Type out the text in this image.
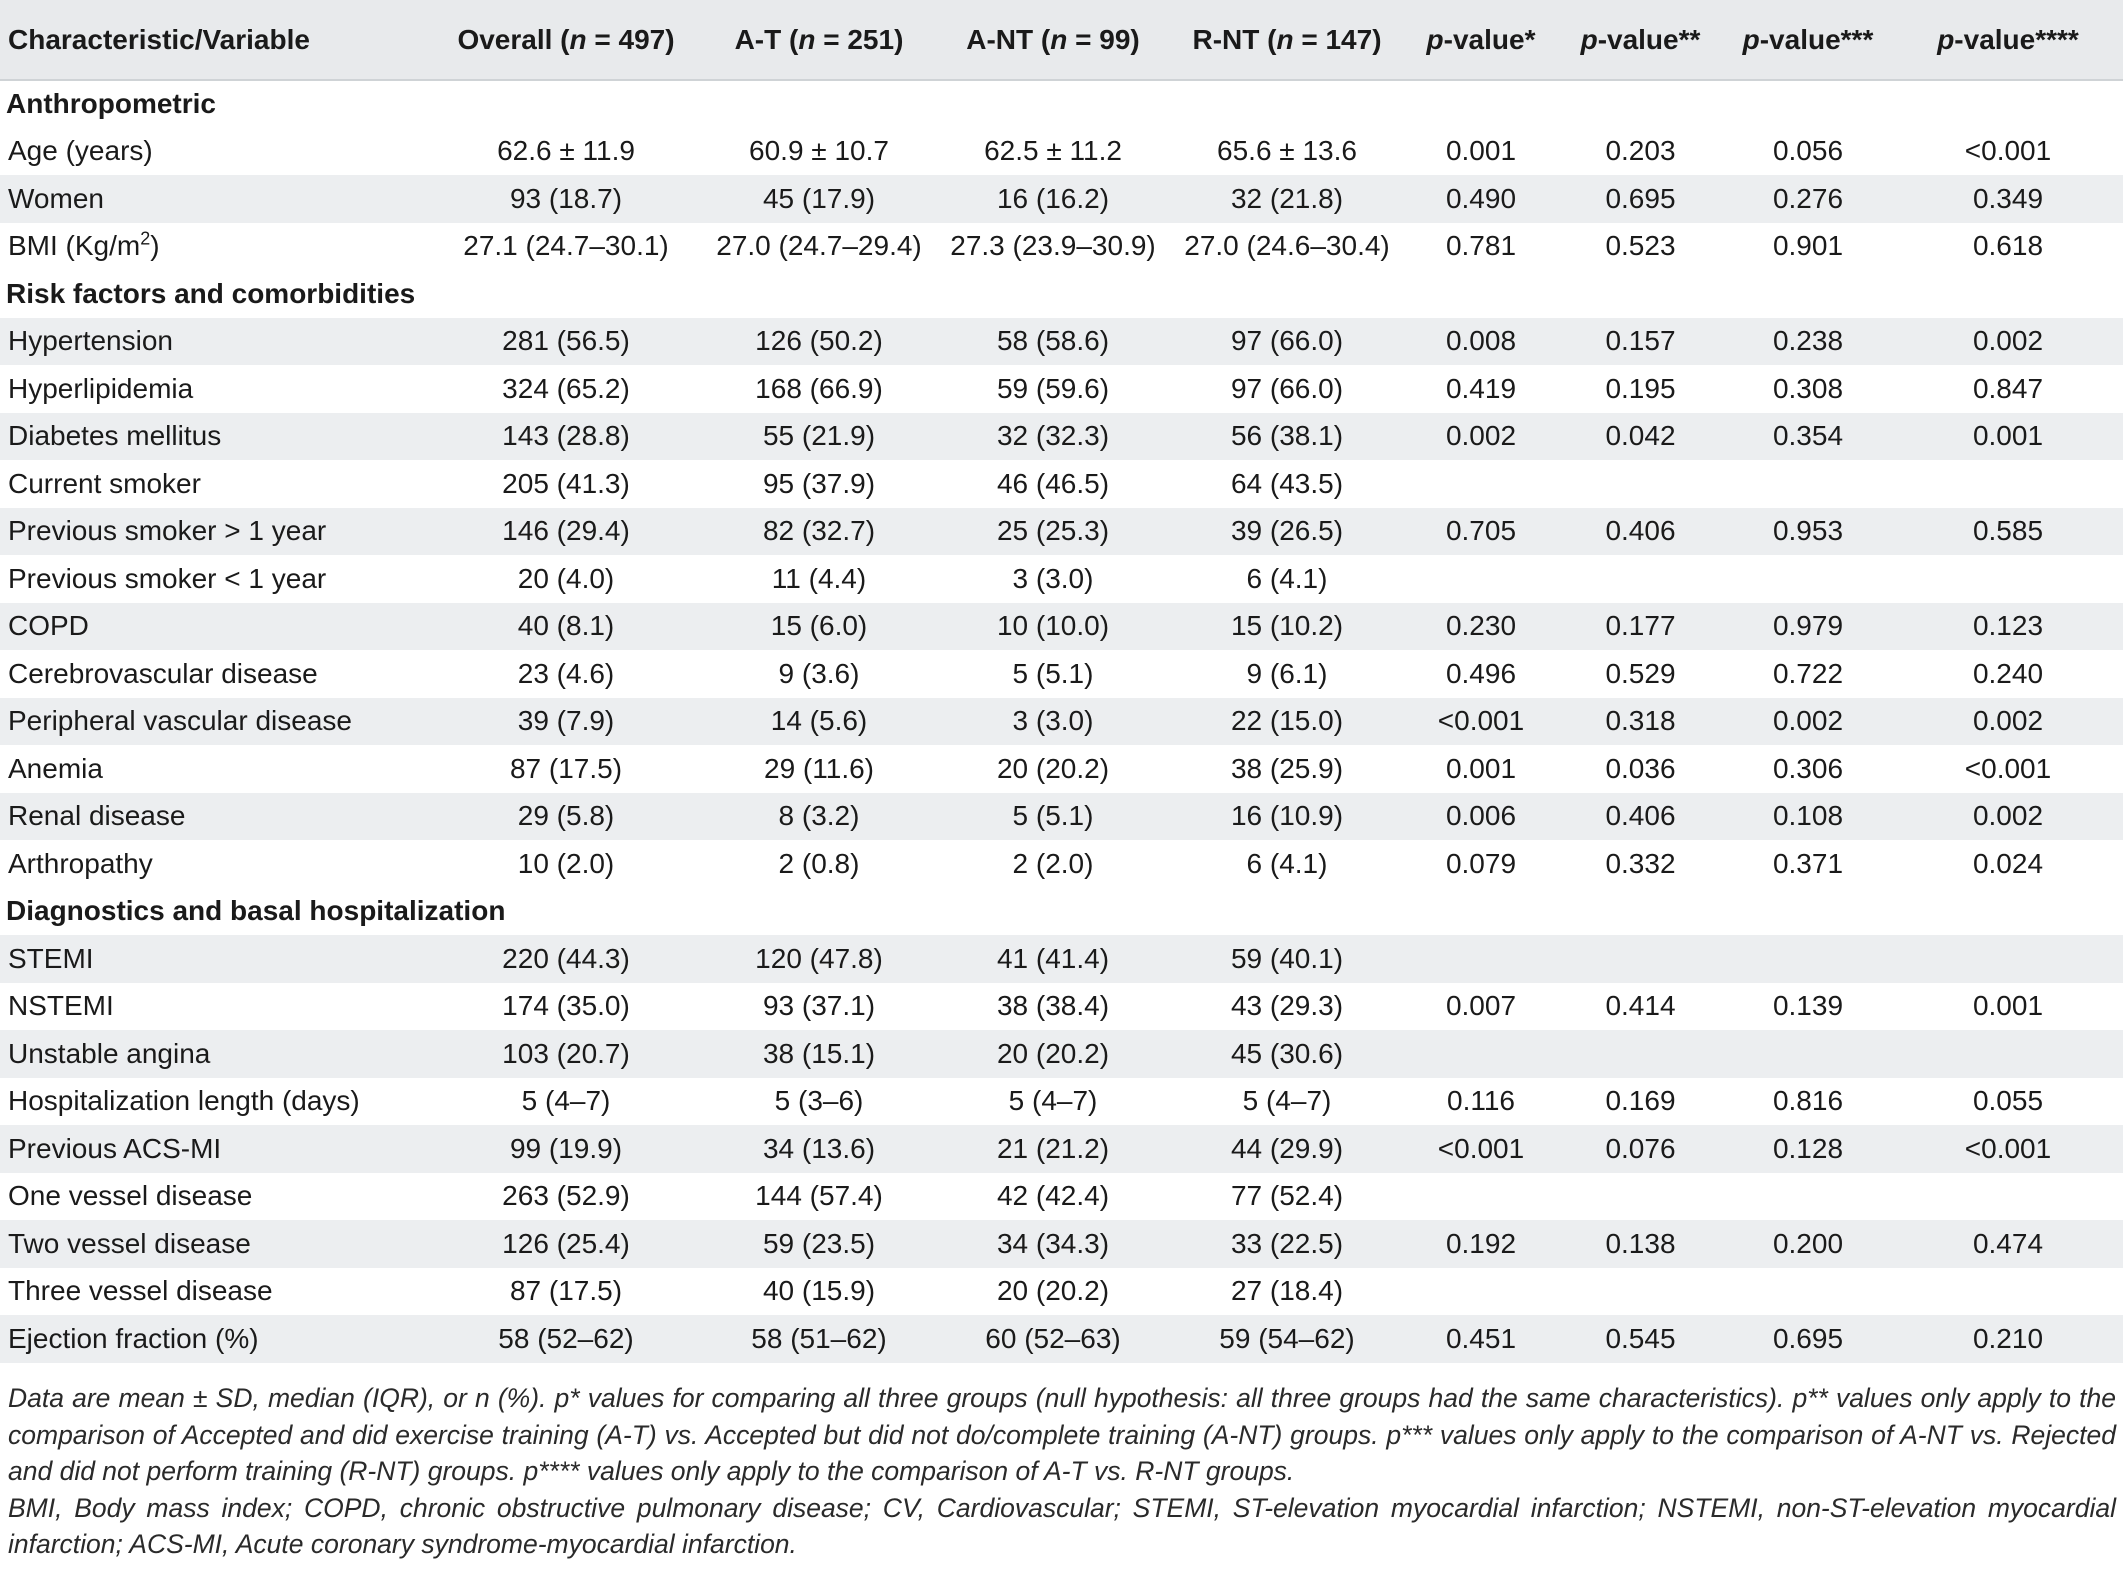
Characteristic/Variable	Overall (n = 497)	A-T (n = 251)	A-NT (n = 99)	R-NT (n = 147)	p-value*	p-value**	p-value***	p-value****
Anthropometric								
Age (years)	62.6 ± 11.9	60.9 ± 10.7	62.5 ± 11.2	65.6 ± 13.6	0.001	0.203	0.056	<0.001
Women	93 (18.7)	45 (17.9)	16 (16.2)	32 (21.8)	0.490	0.695	0.276	0.349
BMI $(Kg/m^2)$	27.1 (24.7–30.1)	27.0 (24.7–29.4)	27.3 (23.9–30.9)	27.0 (24.6–30.4)	0.781	0.523	0.901	0.618
Risk factors and comorbidities								
Hypertension	281 (56.5)	126 (50.2)	58 (58.6)	97 (66.0)	0.008	0.157	0.238	0.002
Hyperlipidemia	324 (65.2)	168 (66.9)	59 (59.6)	97 (66.0)	0.419	0.195	0.308	0.847
Diabetes mellitus	143 (28.8)	55 (21.9)	32 (32.3)	56 (38.1)	0.002	0.042	0.354	0.001
Current smoker	205 (41.3)	95 (37.9)	46 (46.5)	64 (43.5)				
Previous smoker > 1 year	146 (29.4)	82 (32.7)	25 (25.3)	39 (26.5)	0.705	0.406	0.953	0.585
Previous smoker < 1 year	20 (4.0)	11 (4.4)	3 (3.0)	6 (4.1)				
COPD	40 (8.1)	15 (6.0)	10 (10.0)	15 (10.2)	0.230	0.177	0.979	0.123
Cerebrovascular disease	23 (4.6)	9 (3.6)	5 (5.1)	9 (6.1)	0.496	0.529	0.722	0.240
Peripheral vascular disease	39 (7.9)	14 (5.6)	3 (3.0)	22 (15.0)	<0.001	0.318	0.002	0.002
Anemia	87 (17.5)	29 (11.6)	20 (20.2)	38 (25.9)	0.001	0.036	0.306	<0.001
Renal disease	29 (5.8)	8 (3.2)	5 (5.1)	16 (10.9)	0.006	0.406	0.108	0.002
Arthropathy	10 (2.0)	2 (0.8)	2 (2.0)	6 (4.1)	0.079	0.332	0.371	0.024
Diagnostics and basal hospitalization								
STEMI	220 (44.3)	120 (47.8)	41 (41.4)	59 (40.1)				
NSTEMI	174 (35.0)	93 (37.1)	38 (38.4)	43 (29.3)	0.007	0.414	0.139	0.001
Unstable angina	103 (20.7)	38 (15.1)	20 (20.2)	45 (30.6)				
Hospitalization length (days)	5 (4–7)	5 (3–6)	5 (4–7)	5 (4–7)	0.116	0.169	0.816	0.055
Previous ACS-MI	99 (19.9)	34 (13.6)	21 (21.2)	44 (29.9)	<0.001	0.076	0.128	<0.001
One vessel disease	263 (52.9)	144 (57.4)	42 (42.4)	77 (52.4)				
Two vessel disease	126 (25.4)	59 (23.5)	34 (34.3)	33 (22.5)	0.192	0.138	0.200	0.474
Three vessel disease	87 (17.5)	40 (15.9)	20 (20.2)	27 (18.4)				
Ejection fraction (%)	58 (52–62)	58 (51–62)	60 (52–63)	59 (54–62)	0.451	0.545	0.695	0.210

Data are mean ± SD, median (IQR), or n (%). p* values for comparing all three groups (null hypothesis: all three groups had the same characteristics). p** values only apply to the comparison of Accepted and did exercise training (A-T) vs. Accepted but did not do/complete training (A-NT) groups. p*** values only apply to the comparison of A-NT vs. Rejected and did not perform training (R-NT) groups. p**** values only apply to the comparison of A-T vs. R-NT groups.

BMI, Body mass index; COPD, chronic obstructive pulmonary disease; CV, Cardiovascular; STEMI, ST-elevation myocardial infarction; NSTEMI, non-ST-elevation myocardial infarction; ACS-MI, Acute coronary syndrome-myocardial infarction.
